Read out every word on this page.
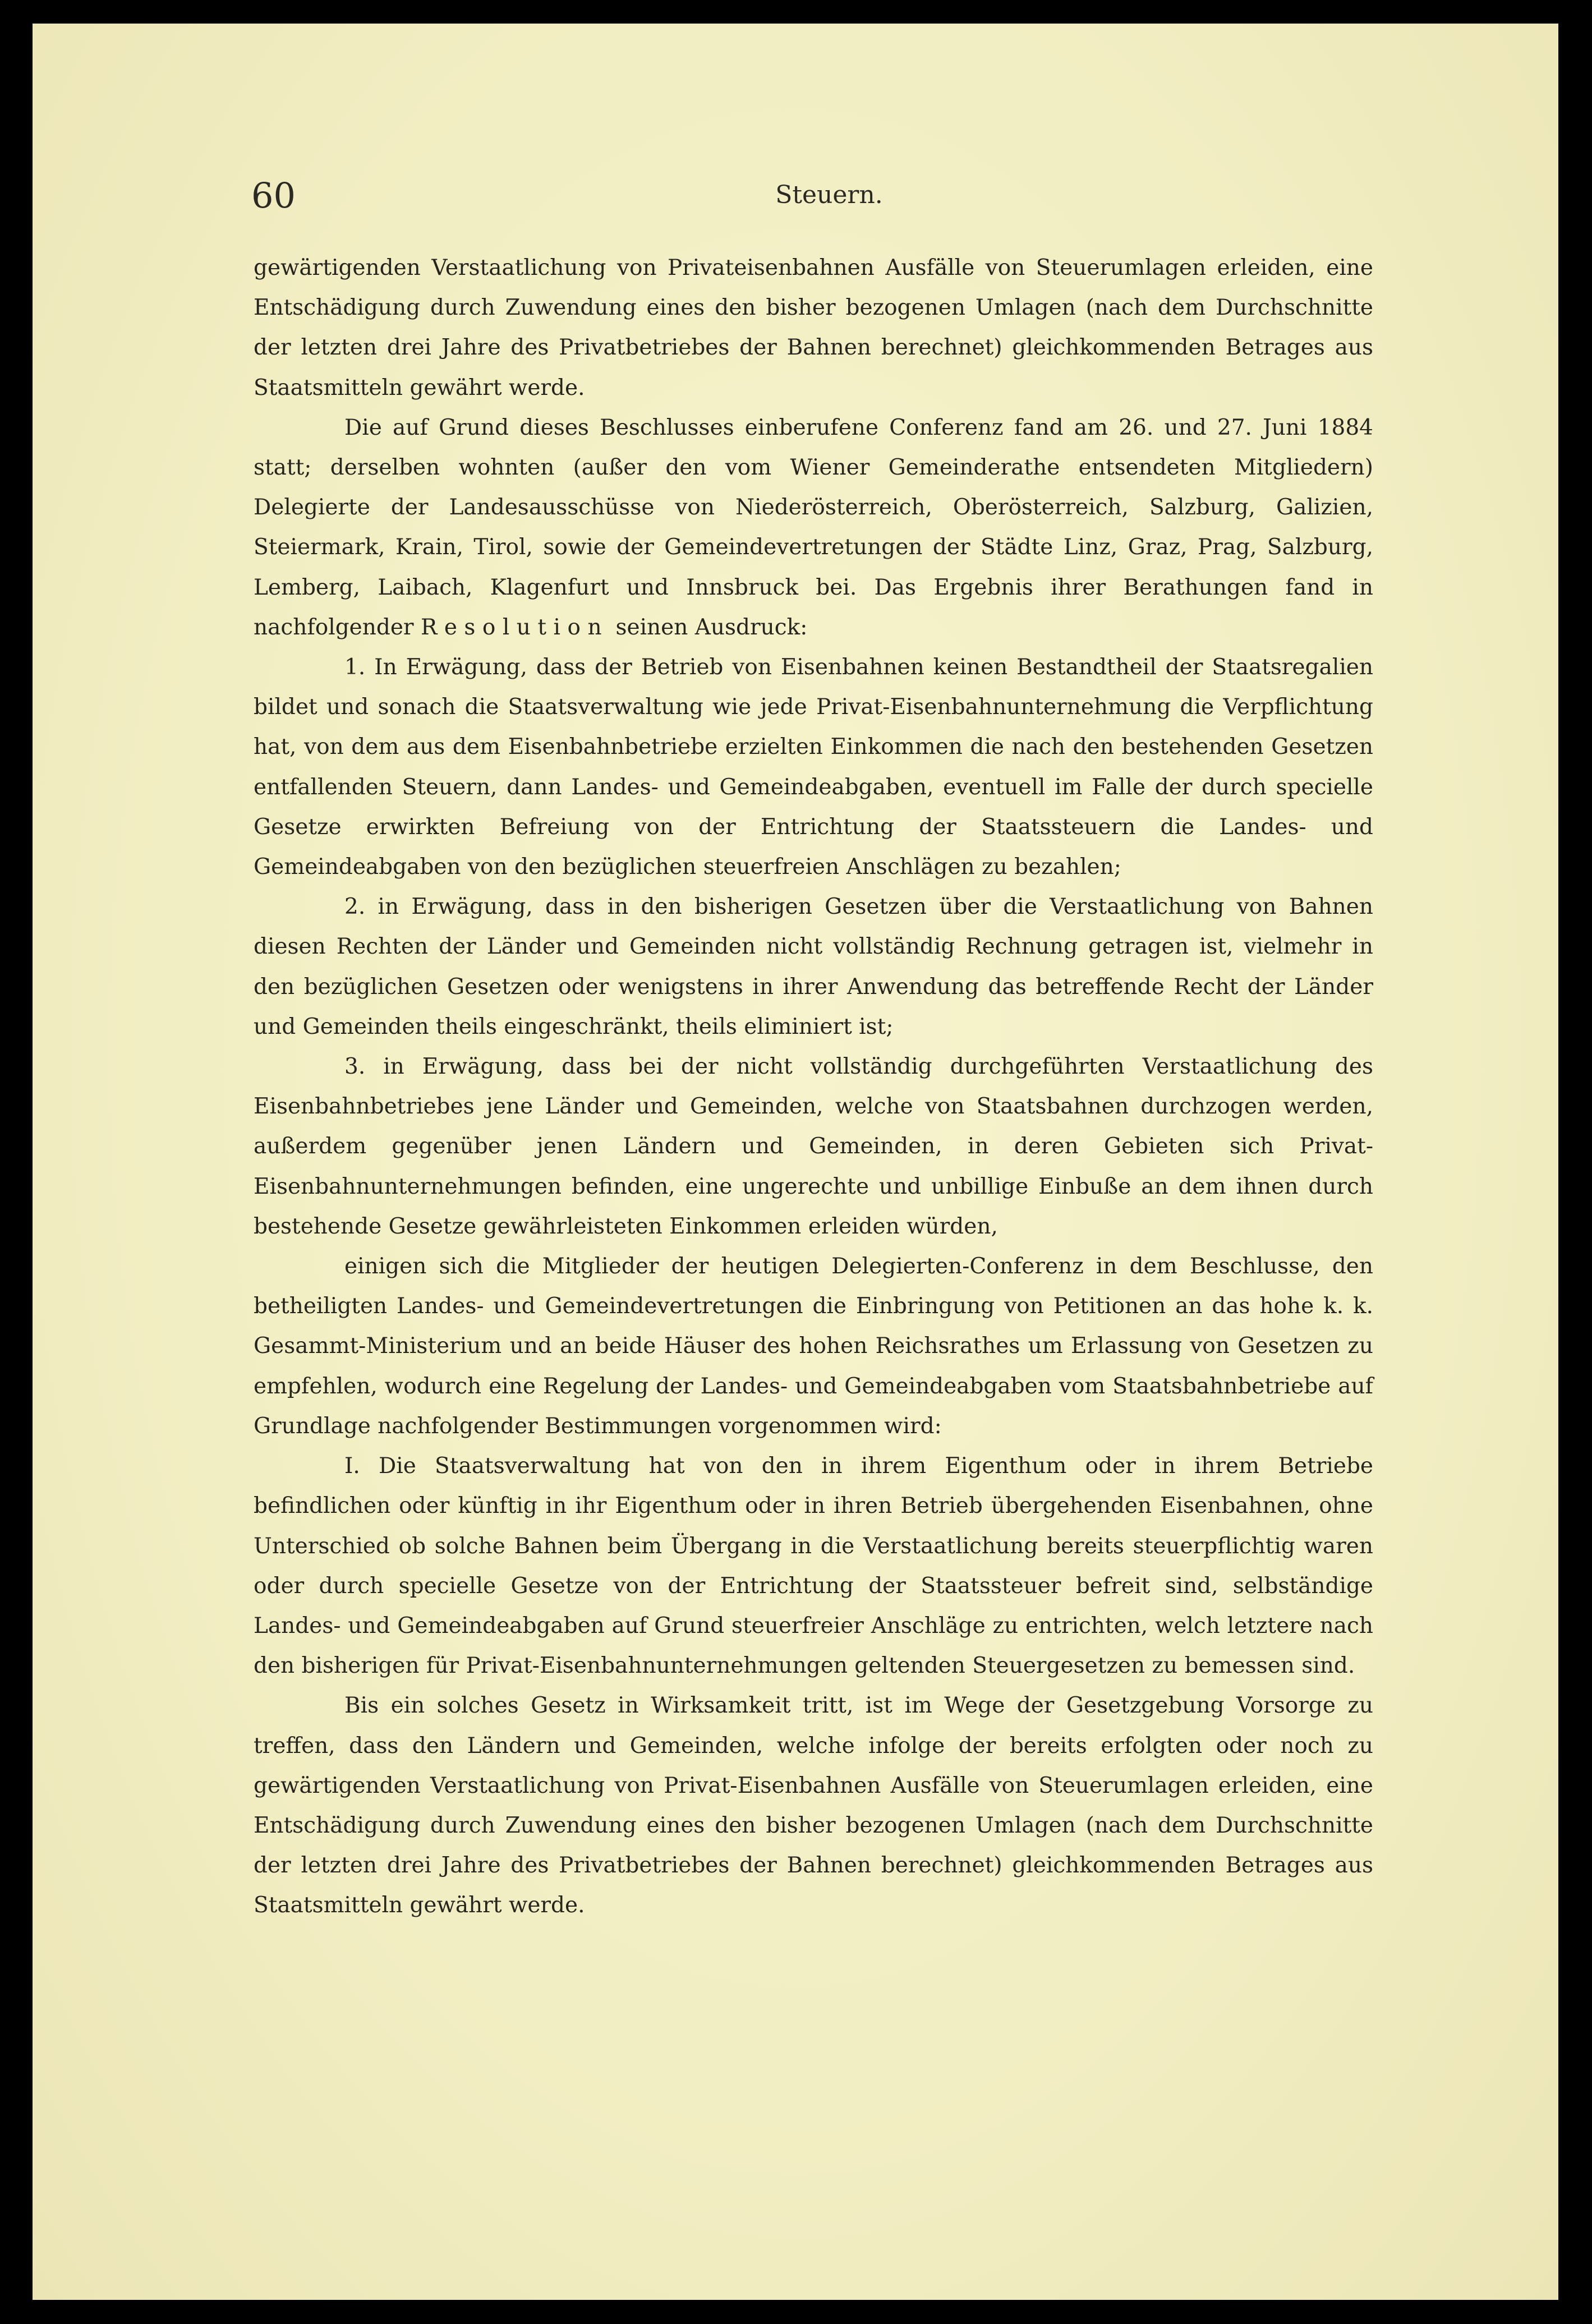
60	Steuern.

gewärtigenden Verstaatlichung von Privateisenbahnen Ausfälle von Steuerumlagen erleiden, eine Entschädigung durch Zuwendung eines den bisher bezogenen Umlagen (nach dem Durchschnitte der letzten drei Jahre des Privatbetriebes der Bahnen berechnet) gleichkommenden Betrages aus Staatsmitteln gewährt werde.

Die auf Grund dieses Beschlusses einberufene Conferenz fand am 26. und 27. Juni 1884 statt; derselben wohnten (außer den vom Wiener Gemeinderathe entsendeten Mitgliedern) Delegierte der Landesausschüsse von Niederösterreich, Oberösterreich, Salzburg, Galizien, Steiermark, Krain, Tirol, sowie der Gemeindevertretungen der Städte Linz, Graz, Prag, Salzburg, Lemberg, Laibach, Klagenfurt und Innsbruck bei. Das Ergebnis ihrer Berathungen fand in nachfolgender Resolution seinen Ausdruck:

1. In Erwägung, dass der Betrieb von Eisenbahnen keinen Bestandtheil der Staatsregalien bildet und sonach die Staatsverwaltung wie jede Privat-Eisenbahnunternehmung die Verpflichtung hat, von dem aus dem Eisenbahnbetriebe erzielten Einkommen die nach den bestehenden Gesetzen entfallenden Steuern, dann Landes- und Gemeindeabgaben, eventuell im Falle der durch specielle Gesetze erwirkten Befreiung von der Entrichtung der Staatssteuern die Landes- und Gemeindeabgaben von den bezüglichen steuerfreien Anschlägen zu bezahlen;

2. in Erwägung, dass in den bisherigen Gesetzen über die Verstaatlichung von Bahnen diesen Rechten der Länder und Gemeinden nicht vollständig Rechnung getragen ist, vielmehr in den bezüglichen Gesetzen oder wenigstens in ihrer Anwendung das betreffende Recht der Länder und Gemeinden theils eingeschränkt, theils eliminiert ist;

3. in Erwägung, dass bei der nicht vollständig durchgeführten Verstaatlichung des Eisenbahnbetriebes jene Länder und Gemeinden, welche von Staatsbahnen durchzogen werden, außerdem gegenüber jenen Ländern und Gemeinden, in deren Gebieten sich Privat-Eisenbahnunternehmungen befinden, eine ungerechte und unbillige Einbuße an dem ihnen durch bestehende Gesetze gewährleisteten Einkommen erleiden würden,

einigen sich die Mitglieder der heutigen Delegierten-Conferenz in dem Beschlusse, den betheiligten Landes- und Gemeindevertretungen die Einbringung von Petitionen an das hohe k. k. Gesammt-Ministerium und an beide Häuser des hohen Reichsrathes um Erlassung von Gesetzen zu empfehlen, wodurch eine Regelung der Landes- und Gemeindeabgaben vom Staatsbahnbetriebe auf Grundlage nachfolgender Bestimmungen vorgenommen wird:

I. Die Staatsverwaltung hat von den in ihrem Eigenthum oder in ihrem Betriebe befindlichen oder künftig in ihr Eigenthum oder in ihren Betrieb übergehenden Eisenbahnen, ohne Unterschied ob solche Bahnen beim Übergang in die Verstaatlichung bereits steuerpflichtig waren oder durch specielle Gesetze von der Entrichtung der Staatssteuer befreit sind, selbständige Landes- und Gemeindeabgaben auf Grund steuerfreier Anschläge zu entrichten, welch letztere nach den bisherigen für Privat-Eisenbahnunternehmungen geltenden Steuergesetzen zu bemessen sind.

Bis ein solches Gesetz in Wirksamkeit tritt, ist im Wege der Gesetzgebung Vorsorge zu treffen, dass den Ländern und Gemeinden, welche infolge der bereits erfolgten oder noch zu gewärtigenden Verstaatlichung von Privat-Eisenbahnen Ausfälle von Steuerumlagen erleiden, eine Entschädigung durch Zuwendung eines den bisher bezogenen Umlagen (nach dem Durchschnitte der letzten drei Jahre des Privatbetriebes der Bahnen berechnet) gleichkommenden Betrages aus Staatsmitteln gewährt werde.
